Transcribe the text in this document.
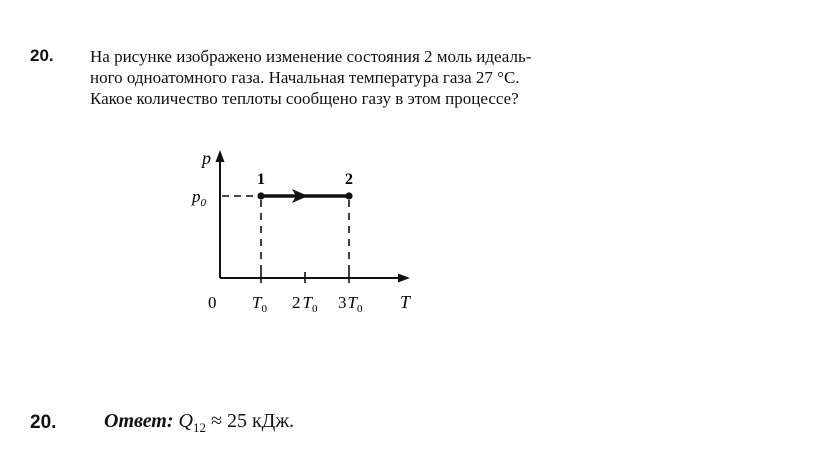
20. На рисунке изображено изменение состояния 2 моль идеаль-
ного одноатомного газа. Начальная температура газа 27 °С.
Какое количество теплоты сообщено газу в этом процессе?
p
T
0
$p_0$
$T_0$ 2 $T_0$ $3T_0$
1	2
20. Ответ: $Q_{12} \approx 25$ кДж.
